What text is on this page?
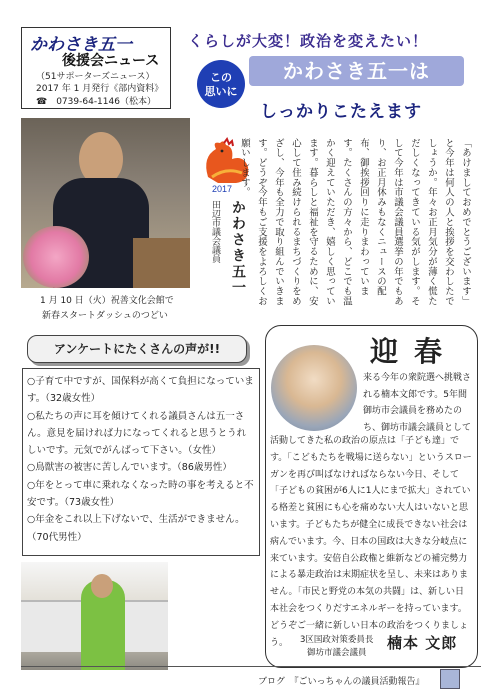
かわさき五一
後援会ニュース
（51サポーターズニュース）
2017 年 1 月発行《部内資料》
☎　0739-64-1146（松本）
くらしが大変！政治を変えたい！
この
思いに
かわさき五一は
しっかりこたえます
1 月 10 日（火）祝善文化会館で
新春スタートダッシュのつどい
2017
田辺市議会議員 かわさき五一	「あけましておめでとうございます」と今年は何人の人と挨拶を交わしたでしょうか。年々お正月気分が薄く慌ただしくなってきている気がします。そして今年は市議会議員選挙の年でもあり、お正月休みもなくニュースの配布、御挨拶回りに走りまわっています。たくさんの方々から、どこでも温かく迎えていただき、嬉しく思っています。暮らしと福祉を守るために、安心して住み続けられるまちづくりをめざし、今年も全力で取り組んでいきます。どうぞ今年もご支援をよろしくお願いします。
アンケートにたくさんの声が!!
○子育て中ですが、国保料が高くて負担になっています。（32歳女性）
○私たちの声に耳を傾けてくれる議員さんは五一さん。意見を届ければ力になってくれると思うとうれしいです。元気でがんばって下さい。（女性）
○鳥獣害の被害に苦しんでいます。（86歳男性）
○年をとって車に乗れなくなった時の事を考えると不安です。（73歳女性）
○年金をこれ以上下げないで、生活ができません。（70代男性）
迎春
来る今年の衆院選へ挑戦される楠本文郎です。5年間御坊市会議員を務めたのち、御坊市議会議員として
活動してきた私の政治の原点は「子ども達」です。「こどもたちを戦場に送らない」というスローガンを再び叫ばなければならない今日、そして「子どもの貧困が6人に1人にまで拡大」されている格差と貧困にも心を痛めない大人はいないと思います。子どもたちが健全に成長できない社会は病んでいます。今、日本の国政は大きな分岐点に来ています。安倍自公政権と維新などの補完勢力による暴走政治は末期症状を呈し、未来はありません。「市民と野党の本気の共闘」は、新しい日本社会をつくりだすエネルギーを持っています。どうぞご一緒に新しい日本の政治をつくりましょう。	3区国政対策委員長
御坊市議会議員
楠本 文郎
ブログ　『ごいっちゃんの議員活動報告』
